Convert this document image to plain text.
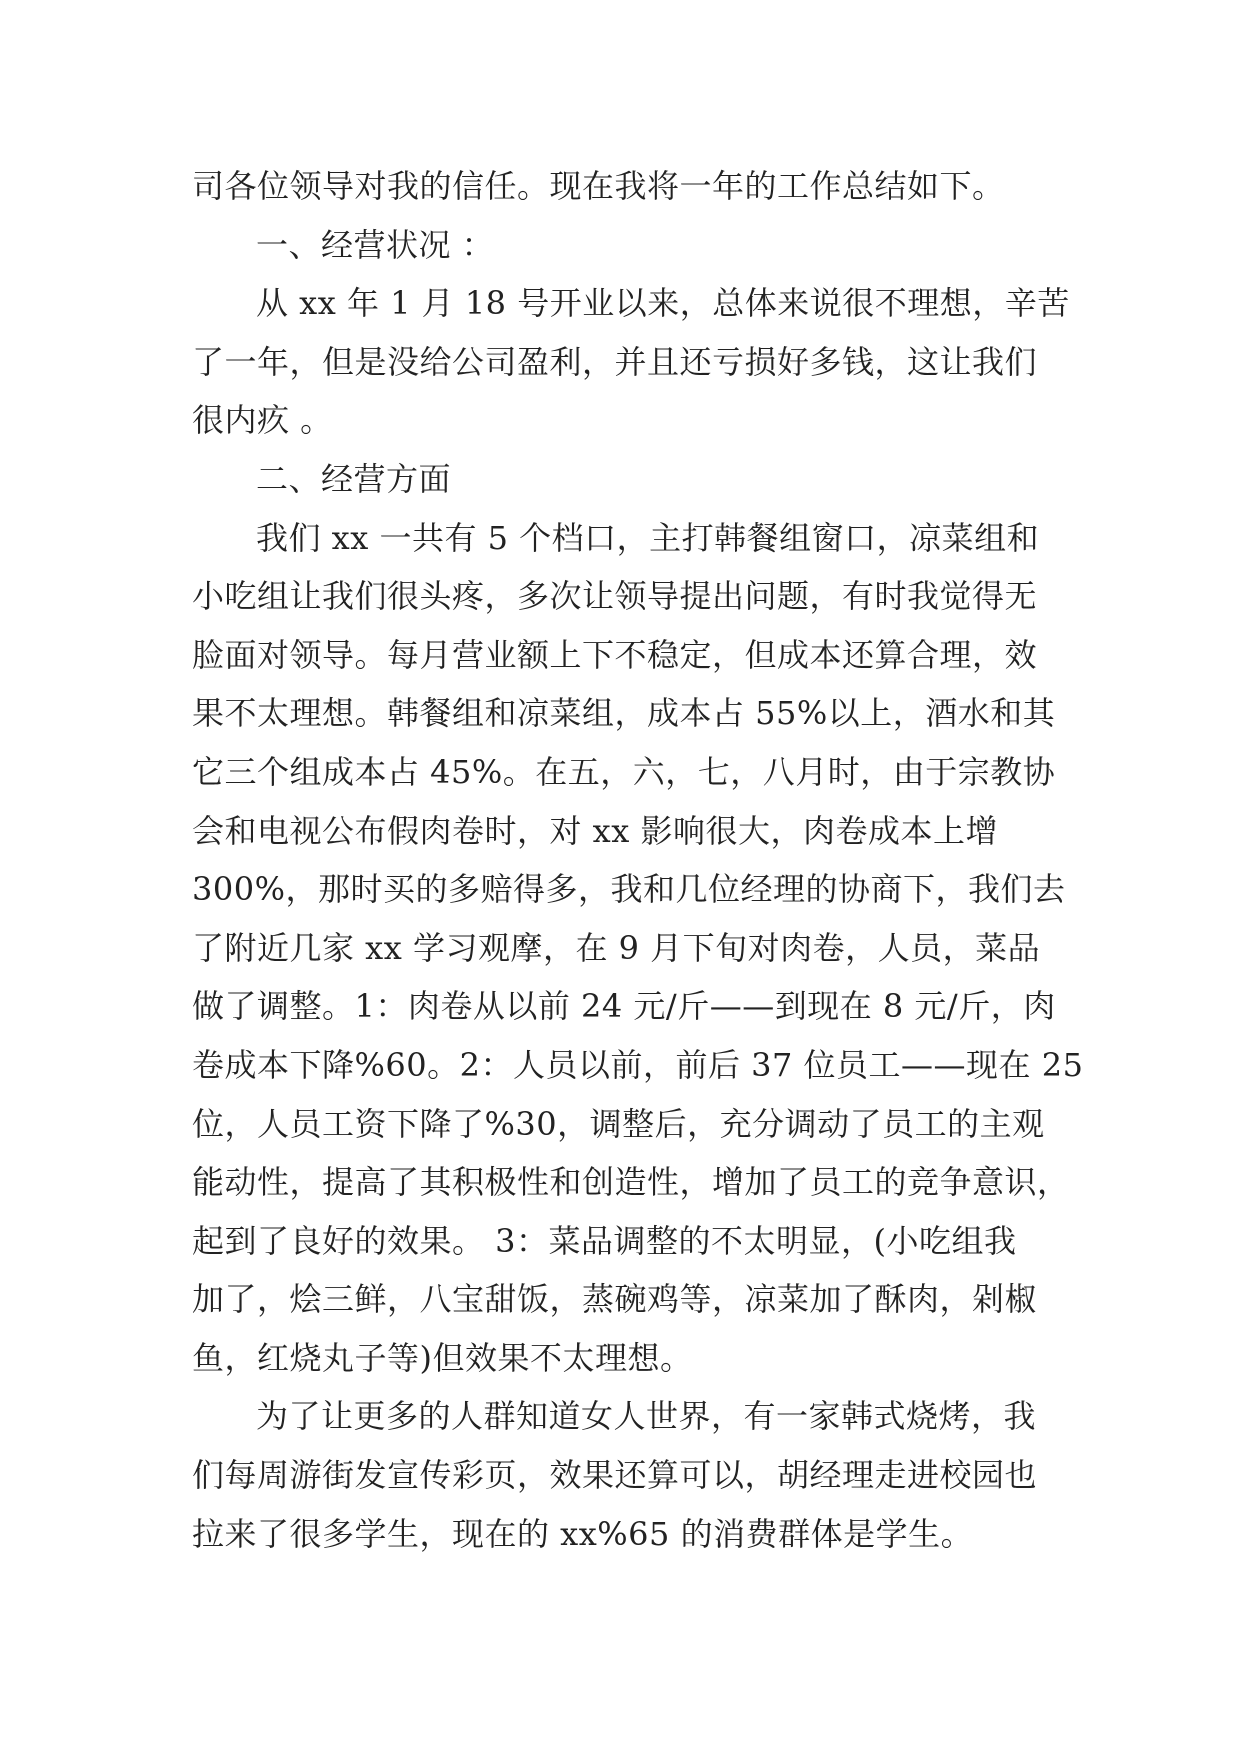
司各位领导对我的信任。现在我将一年的工作总结如下。
一、经营状况 ：
从 xx 年 1 月 18 号开业以来，总体来说很不理想，辛苦
了一年，但是没给公司盈利，并且还亏损好多钱，这让我们
很内疚 。
二、经营方面
我们 xx 一共有 5 个档口，主打韩餐组窗口，凉菜组和
小吃组让我们很头疼，多次让领导提出问题，有时我觉得无
脸面对领导。每月营业额上下不稳定，但成本还算合理，效
果不太理想。韩餐组和凉菜组，成本占 55%以上，酒水和其
它三个组成本占 45%。在五，六，七，八月时，由于宗教协
会和电视公布假肉卷时，对 xx 影响很大，肉卷成本上增
300%，那时买的多赔得多，我和几位经理的协商下，我们去
了附近几家 xx 学习观摩，在 9 月下旬对肉卷，人员，菜品
做了调整。1：肉卷从以前 24 元/斤——到现在 8 元/斤，肉
卷成本下降%60。2：人员以前，前后 37 位员工——现在 25
位，人员工资下降了%30，调整后，充分调动了员工的主观
能动性，提高了其积极性和创造性，增加了员工的竞争意识，
起到了良好的效果。 3：菜品调整的不太明显，(小吃组我
加了，烩三鲜，八宝甜饭，蒸碗鸡等，凉菜加了酥肉，剁椒
鱼，红烧丸子等)但效果不太理想。
为了让更多的人群知道女人世界，有一家韩式烧烤，我
们每周游街发宣传彩页，效果还算可以，胡经理走进校园也
拉来了很多学生，现在的 xx%65 的消费群体是学生。
